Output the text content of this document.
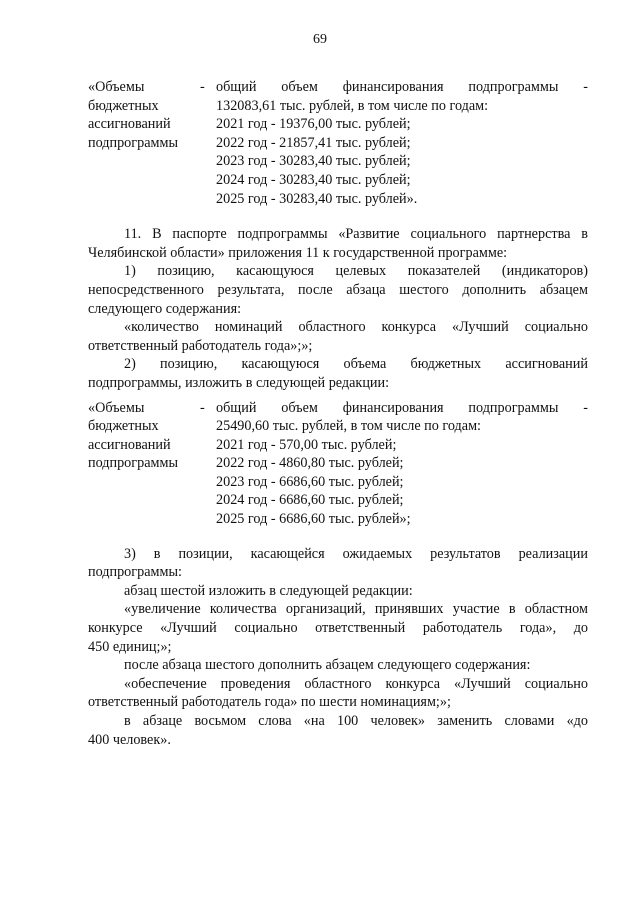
69
«Объемы
бюджетных
ассигнований
подпрограммы
- общий объем финансирования подпрограммы -
132083,61 тыс. рублей, в том числе по годам:
2021 год - 19376,00 тыс. рублей;
2022 год - 21857,41 тыс. рублей;
2023 год - 30283,40 тыс. рублей;
2024 год - 30283,40 тыс. рублей;
2025 год - 30283,40 тыс. рублей».
11. В паспорте подпрограммы «Развитие социального партнерства в
Челябинской области» приложения 11 к государственной программе:
1) позицию, касающуюся целевых показателей (индикаторов)
непосредственного результата, после абзаца шестого дополнить абзацем
следующего содержания:
«количество номинаций областного конкурса «Лучший социально
ответственный работодатель года»;»;
2) позицию, касающуюся объема бюджетных ассигнований
подпрограммы, изложить в следующей редакции:
«Объемы
бюджетных
ассигнований
подпрограммы
- общий объем финансирования подпрограммы -
25490,60 тыс. рублей, в том числе по годам:
2021 год - 570,00 тыс. рублей;
2022 год - 4860,80 тыс. рублей;
2023 год - 6686,60 тыс. рублей;
2024 год - 6686,60 тыс. рублей;
2025 год - 6686,60 тыс. рублей»;
3) в позиции, касающейся ожидаемых результатов реализации
подпрограммы:
абзац шестой изложить в следующей редакции:
«увеличение количества организаций, принявших участие в областном
конкурсе «Лучший социально ответственный работодатель года», до
450 единиц;»;
после абзаца шестого дополнить абзацем следующего содержания:
«обеспечение проведения областного конкурса «Лучший социально
ответственный работодатель года» по шести номинациям;»;
в абзаце восьмом слова «на 100 человек» заменить словами «до
400 человек».
